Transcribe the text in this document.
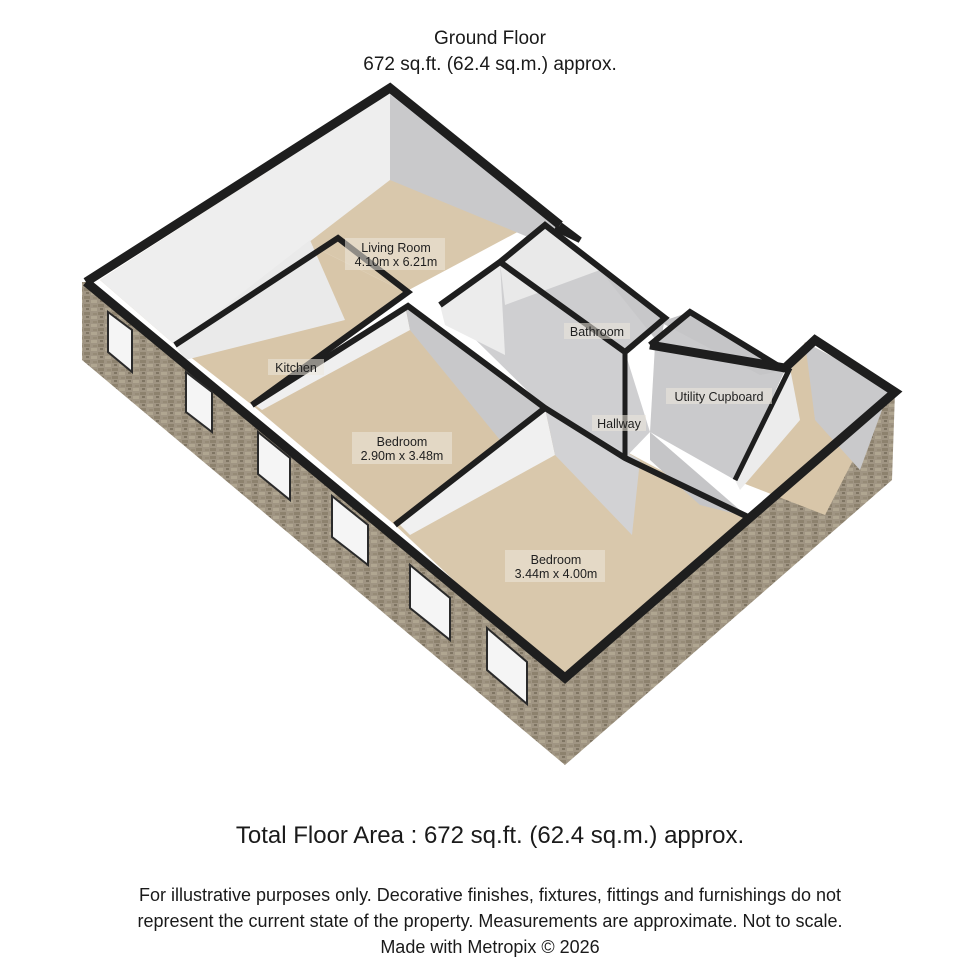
Ground Floor
672 sq.ft. (62.4 sq.m.) approx.
Living Room
4.10m x 6.21m
Kitchen
Bedroom
2.90m x 3.48m
Bedroom
3.44m x 4.00m
Bathroom
Hallway
Utility Cupboard
Total Floor Area : 672 sq.ft. (62.4 sq.m.) approx.
For illustrative purposes only. Decorative finishes, fixtures, fittings and furnishings do not
represent the current state of the property. Measurements are approximate. Not to scale.
Made with Metropix © 2026
